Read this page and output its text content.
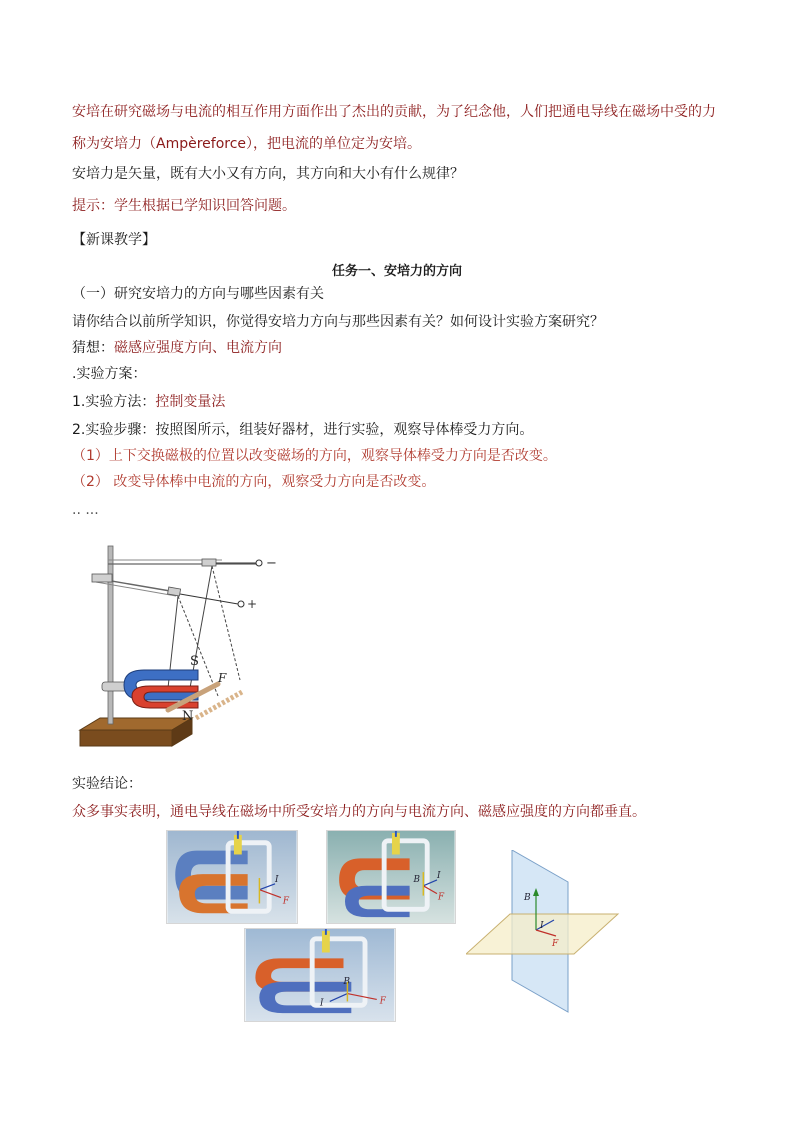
安培在研究磁场与电流的相互作用方面作出了杰出的贡献，为了纪念他，人们把通电导线在磁场中受的力
称为安培力（Ampèreforce），把电流的单位定为安培。
安培力是矢量，既有大小又有方向，其方向和大小有什么规律？
提示：学生根据已学知识回答问题。
【新课教学】
任务一、安培力的方向
（一）研究安培力的方向与哪些因素有关
请你结合以前所学知识，你觉得安培力方向与那些因素有关？如何设计实验方案研究？
猜想：磁感应强度方向、电流方向
.实验方案：
1.实验方法：控制变量法
2.实验步骤：按照图所示，组装好器材，进行实验，观察导体棒受力方向。
（1）上下交换磁极的位置以改变磁场的方向，观察导体棒受力方向是否改变。
（2） 改变导体棒中电流的方向，观察受力方向是否改变。
.. ...
−
+
S
N
F
实验结论：
众多事实表明，通电导线在磁场中所受安培力的方向与电流方向、磁感应强度的方向都垂直。
I
F
B I
F
B
I	F
B
I
F
